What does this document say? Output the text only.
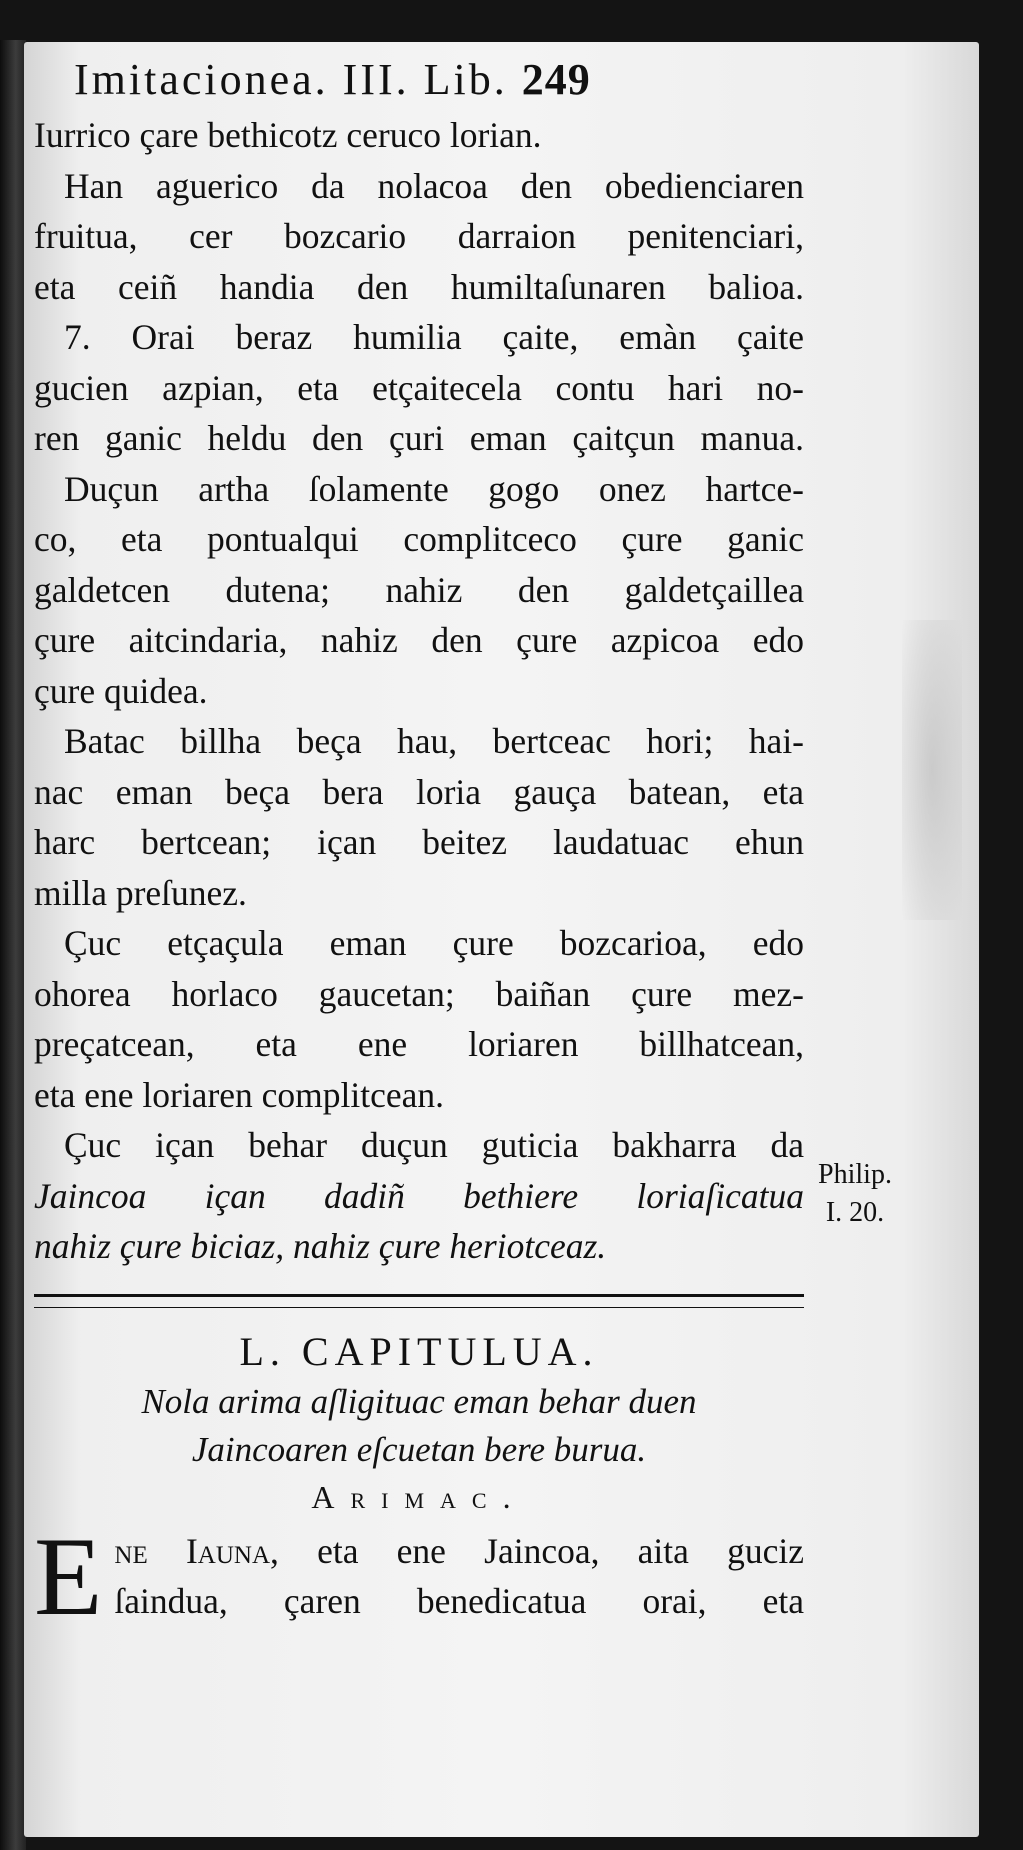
Imitacionea. III. Lib. 249
Iurrico çare bethicotz ceruco lorian.
Han aguerico da nolacoa den obedienciaren
fruitua, cer bozcario darraion penitenciari,
eta ceiñ handia den humiltaſunaren balioa.
7. Orai beraz humilia çaite, emàn çaite
gucien azpian, eta etçaitecela contu hari no-
ren ganic heldu den çuri eman çaitçun manua.
Duçun artha ſolamente gogo onez hartce-
co, eta pontualqui complitceco çure ganic
galdetcen dutena; nahiz den galdetçaillea
çure aitcindaria, nahiz den çure azpicoa edo
çure quidea.
Batac billha beça hau, bertceac hori; hai-
nac eman beça bera loria gauça batean, eta
harc bertcean; içan beitez laudatuac ehun
milla preſunez.
Çuc etçaçula eman çure bozcarioa, edo
ohorea horlaco gaucetan; baiñan çure mez-
preçatcean, eta ene loriaren billhatcean,
eta ene loriaren complitcean.
Çuc içan behar duçun guticia bakharra da
Jaincoa içan dadiñ bethiere loriaſicatua
nahiz çure biciaz, nahiz çure heriotceaz.
L. CAPITULUA.
Nola arima aſligituac eman behar duen
Jaincoaren eſcuetan bere burua.
Arimac.
E ne Iauna, eta ene Jaincoa, aita guciz
ſaindua, çaren benedicatua orai, eta
Philip.
I. 20.
